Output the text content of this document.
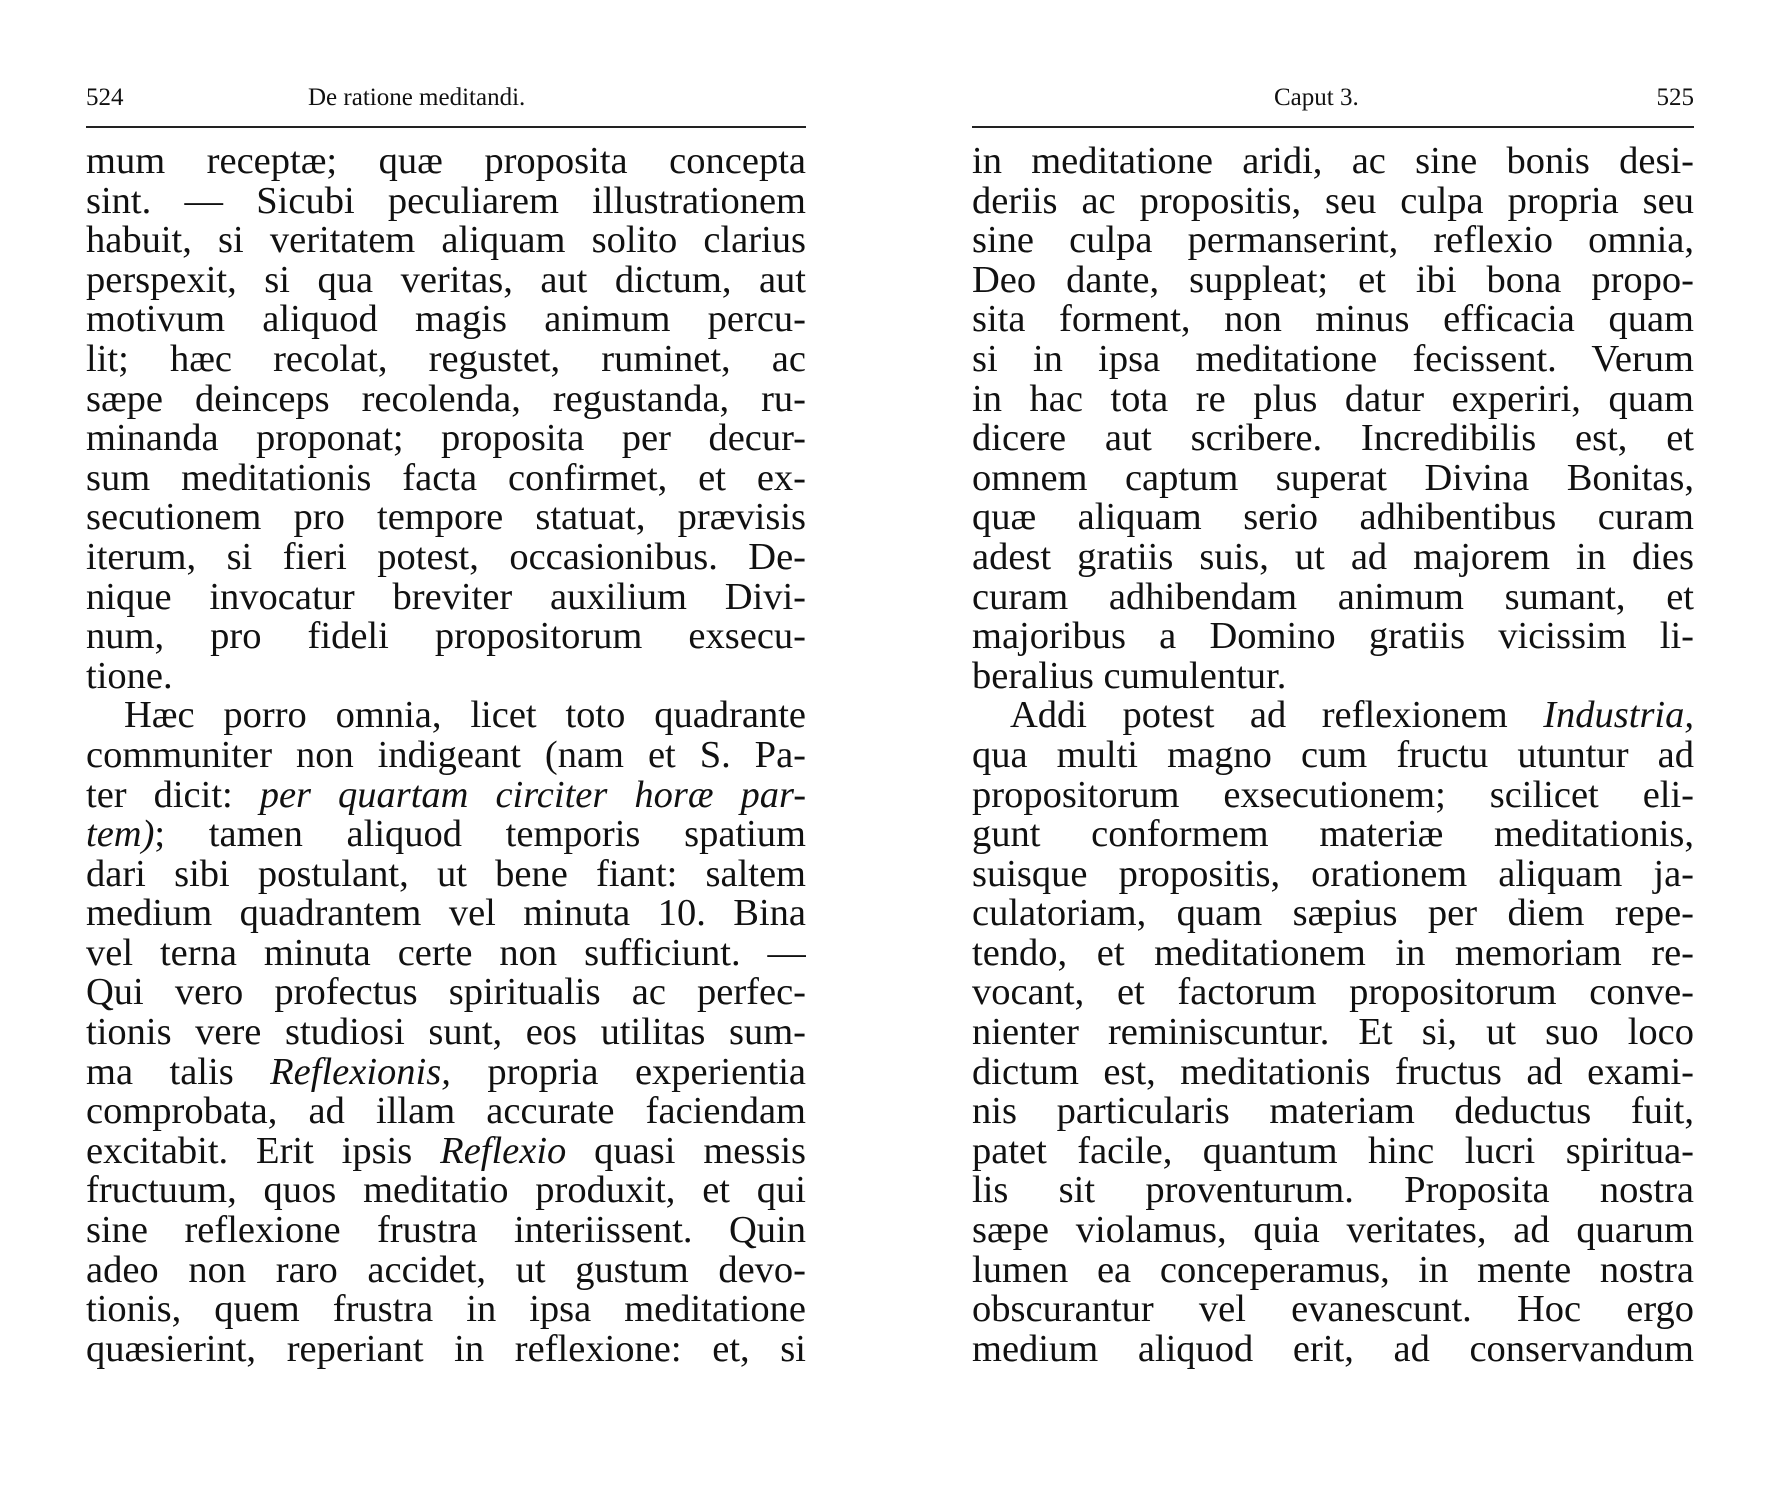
524	De ratione meditandi.
mum receptæ; quæ proposita concepta
sint. — Sicubi peculiarem illustrationem
habuit, si veritatem aliquam solito clarius
perspexit, si qua veritas, aut dictum, aut
motivum aliquod magis animum percu-
lit; hæc recolat, regustet, ruminet, ac
sæpe deinceps recolenda, regustanda, ru-
minanda proponat; proposita per decur-
sum meditationis facta confirmet, et ex-
secutionem pro tempore statuat, prævisis
iterum, si fieri potest, occasionibus. De-
nique invocatur breviter auxilium Divi-
num, pro fideli propositorum exsecu-
tione.
Hæc porro omnia, licet toto quadrante
communiter non indigeant (nam et S. Pa-
ter dicit: per quartam circiter horæ par-
tem); tamen aliquod temporis spatium
dari sibi postulant, ut bene fiant: saltem
medium quadrantem vel minuta 10. Bina
vel terna minuta certe non sufficiunt. —
Qui vero profectus spiritualis ac perfec-
tionis vere studiosi sunt, eos utilitas sum-
ma talis Reflexionis, propria experientia
comprobata, ad illam accurate faciendam
excitabit. Erit ipsis Reflexio quasi messis
fructuum, quos meditatio produxit, et qui
sine reflexione frustra interiissent. Quin
adeo non raro accidet, ut gustum devo-
tionis, quem frustra in ipsa meditatione
quæsierint, reperiant in reflexione: et, si
Caput 3.	525
in meditatione aridi, ac sine bonis desi-
deriis ac propositis, seu culpa propria seu
sine culpa permanserint, reflexio omnia,
Deo dante, suppleat; et ibi bona propo-
sita forment, non minus efficacia quam
si in ipsa meditatione fecissent. Verum
in hac tota re plus datur experiri, quam
dicere aut scribere. Incredibilis est, et
omnem captum superat Divina Bonitas,
quæ aliquam serio adhibentibus curam
adest gratiis suis, ut ad majorem in dies
curam adhibendam animum sumant, et
majoribus a Domino gratiis vicissim li-
beralius cumulentur.
Addi potest ad reflexionem Industria,
qua multi magno cum fructu utuntur ad
propositorum exsecutionem; scilicet eli-
gunt conformem materiæ meditationis,
suisque propositis, orationem aliquam ja-
culatoriam, quam sæpius per diem repe-
tendo, et meditationem in memoriam re-
vocant, et factorum propositorum conve-
nienter reminiscuntur. Et si, ut suo loco
dictum est, meditationis fructus ad exami-
nis particularis materiam deductus fuit,
patet facile, quantum hinc lucri spiritua-
lis sit proventurum. Proposita nostra
sæpe violamus, quia veritates, ad quarum
lumen ea conceperamus, in mente nostra
obscurantur vel evanescunt. Hoc ergo
medium aliquod erit, ad conservandum
